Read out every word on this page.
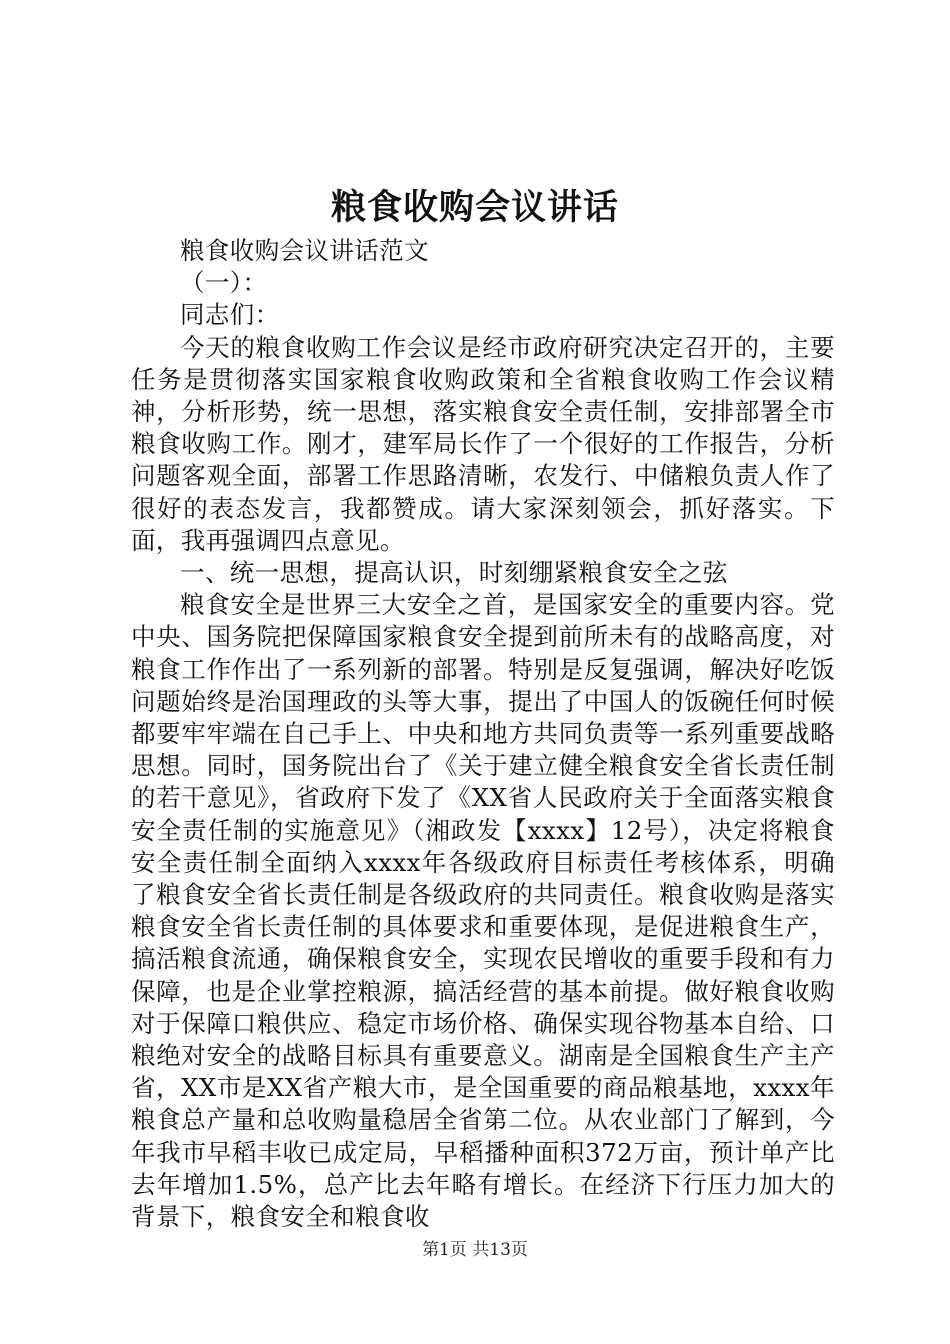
粮食收购会议讲话

粮食收购会议讲话范文

（一）：

同志们：

今天的粮食收购工作会议是经市政府研究决定召开的，主要任务是贯彻落实国家粮食收购政策和全省粮食收购工作会议精神，分析形势，统一思想，落实粮食安全责任制，安排部署全市粮食收购工作。刚才，建军局长作了一个很好的工作报告，分析问题客观全面，部署工作思路清晰，农发行、中储粮负责人作了很好的表态发言，我都赞成。请大家深刻领会，抓好落实。下面，我再强调四点意见。

一、统一思想，提高认识，时刻绷紧粮食安全之弦

粮食安全是世界三大安全之首，是国家安全的重要内容。党中央、国务院把保障国家粮食安全提到前所未有的战略高度，对粮食工作作出了一系列新的部署。特别是反复强调，解决好吃饭问题始终是治国理政的头等大事，提出了中国人的饭碗任何时候都要牢牢端在自己手上、中央和地方共同负责等一系列重要战略思想。同时，国务院出台了《关于建立健全粮食安全省长责任制的若干意见》，省政府下发了《XX省人民政府关于全面落实粮食安全责任制的实施意见》（湘政发【xxxx】12号），决定将粮食安全责任制全面纳入xxxx年各级政府目标责任考核体系，明确了粮食安全省长责任制是各级政府的共同责任。粮食收购是落实粮食安全省长责任制的具体要求和重要体现，是促进粮食生产，搞活粮食流通，确保粮食安全，实现农民增收的重要手段和有力保障，也是企业掌控粮源，搞活经营的基本前提。做好粮食收购对于保障口粮供应、稳定市场价格、确保实现谷物基本自给、口粮绝对安全的战略目标具有重要意义。湖南是全国粮食生产主产省，XX市是XX省产粮大市，是全国重要的商品粮基地，xxxx年粮食总产量和总收购量稳居全省第二位。从农业部门了解到，今年我市早稻丰收已成定局，早稻播种面积372万亩，预计单产比去年增加1.5%，总产比去年略有增长。在经济下行压力加大的背景下，粮食安全和粮食收

第1页 共13页
